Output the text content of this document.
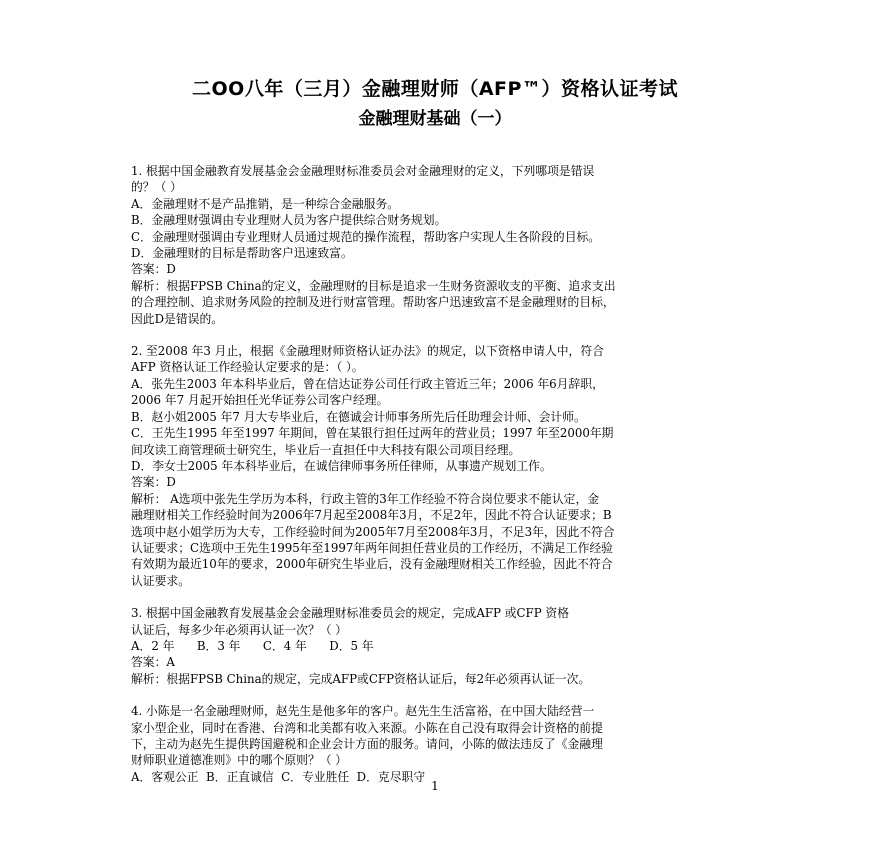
二OO八年（三月）金融理财师（AFP™）资格认证考试
金融理财基础（一）

1. 根据中国金融教育发展基金会金融理财标准委员会对金融理财的定义，下列哪项是错误

的？（ ）

A．金融理财不是产品推销，是一种综合金融服务。

B．金融理财强调由专业理财人员为客户提供综合财务规划。

C．金融理财强调由专业理财人员通过规范的操作流程，帮助客户实现人生各阶段的目标。

D．金融理财的目标是帮助客户迅速致富。

答案：D

解析：根据FPSB China的定义，金融理财的目标是追求一生财务资源收支的平衡、追求支出

的合理控制、追求财务风险的控制及进行财富管理。帮助客户迅速致富不是金融理财的目标，

因此D是错误的。

2. 至2008 年3 月止，根据《金融理财师资格认证办法》的规定，以下资格申请人中，符合

AFP 资格认证工作经验认定要求的是：（ ）。

A．张先生2003 年本科毕业后，曾在信达证券公司任行政主管近三年；2006 年6月辞职，

2006 年7 月起开始担任光华证券公司客户经理。

B．赵小姐2005 年7 月大专毕业后，在德诚会计师事务所先后任助理会计师、会计师。

C．王先生1995 年至1997 年期间，曾在某银行担任过两年的营业员；1997 年至2000年期

间攻读工商管理硕士研究生，毕业后一直担任中大科技有限公司项目经理。

D．李女士2005 年本科毕业后，在诚信律师事务所任律师，从事遗产规划工作。

答案：D

解析： A选项中张先生学历为本科，行政主管的3年工作经验不符合岗位要求不能认定，金

融理财相关工作经验时间为2006年7月起至2008年3月，不足2年，因此不符合认证要求；B

选项中赵小姐学历为大专，工作经验时间为2005年7月至2008年3月，不足3年，因此不符合

认证要求；C选项中王先生1995年至1997年两年间担任营业员的工作经历，不满足工作经验

有效期为最近10年的要求，2000年研究生毕业后，没有金融理财相关工作经验，因此不符合

认证要求。

3. 根据中国金融教育发展基金会金融理财标准委员会的规定，完成AFP 或CFP 资格

认证后，每多少年必须再认证一次？（ ）

A．2 年      B．3 年      C．4 年      D．5 年

答案：A

解析：根据FPSB China的规定，完成AFP或CFP资格认证后，每2年必须再认证一次。

4. 小陈是一名金融理财师，赵先生是他多年的客户。赵先生生活富裕，在中国大陆经营一

家小型企业，同时在香港、台湾和北美都有收入来源。小陈在自己没有取得会计资格的前提

下，主动为赵先生提供跨国避税和企业会计方面的服务。请问，小陈的做法违反了《金融理

财师职业道德准则》中的哪个原则？（ ）

A．客观公正  B．正直诚信  C．专业胜任  D．克尽职守

1
